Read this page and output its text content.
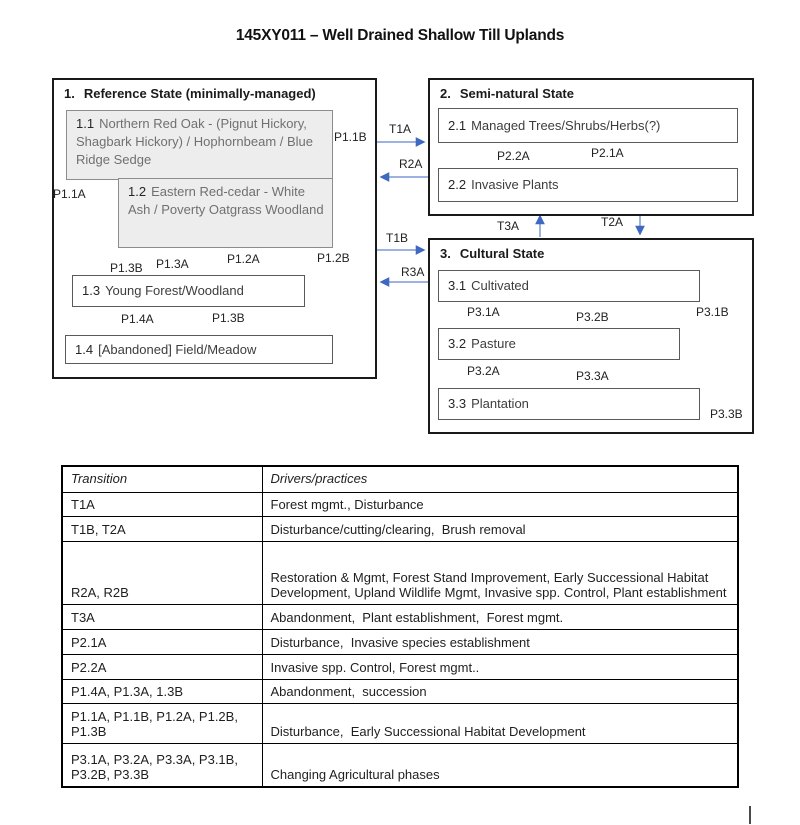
145XY011 – Well Drained Shallow Till Uplands
1. Reference State (minimally-managed)
1.1 Northern Red Oak - (Pignut Hickory, Shagbark Hickory) / Hophornbeam / Blue Ridge Sedge
1.2 Eastern Red-cedar - White Ash / Poverty Oatgrass Woodland
1.3 Young Forest/Woodland
1.4 [Abandoned] Field/Meadow
2. Semi-natural State
2.1 Managed Trees/Shrubs/Herbs(?)
2.2 Invasive Plants
3. Cultural State
3.1 Cultivated
3.2 Pasture
3.3 Plantation
P1.1A
P1.1B
P1.3B P1.3A	P1.2A	P1.2B
P1.4A	P1.3B
T1A
R2A
T1B
R3A
P2.2A	P2.1A
T3A	T2A
P3.1A	P3.2B	P3.1B
P3.2A	P3.3A
P3.3B
Transition	Drivers/practices
T1A	Forest mgmt., Disturbance
T1B, T2A	Disturbance/cutting/clearing,  Brush removal
R2A, R2B	Restoration & Mgmt, Forest Stand Improvement, Early Successional Habitat Development, Upland Wildlife Mgmt, Invasive spp. Control, Plant establishment
T3A	Abandonment,  Plant establishment,  Forest mgmt.
P2.1A	Disturbance,  Invasive species establishment
P2.2A	Invasive spp. Control, Forest mgmt..
P1.4A, P1.3A, 1.3B	Abandonment,  succession
P1.1A, P1.1B, P1.2A, P1.2B, P1.3B	Disturbance,  Early Successional Habitat Development
P3.1A, P3.2A, P3.3A, P3.1B, P3.2B, P3.3B	Changing Agricultural phases
